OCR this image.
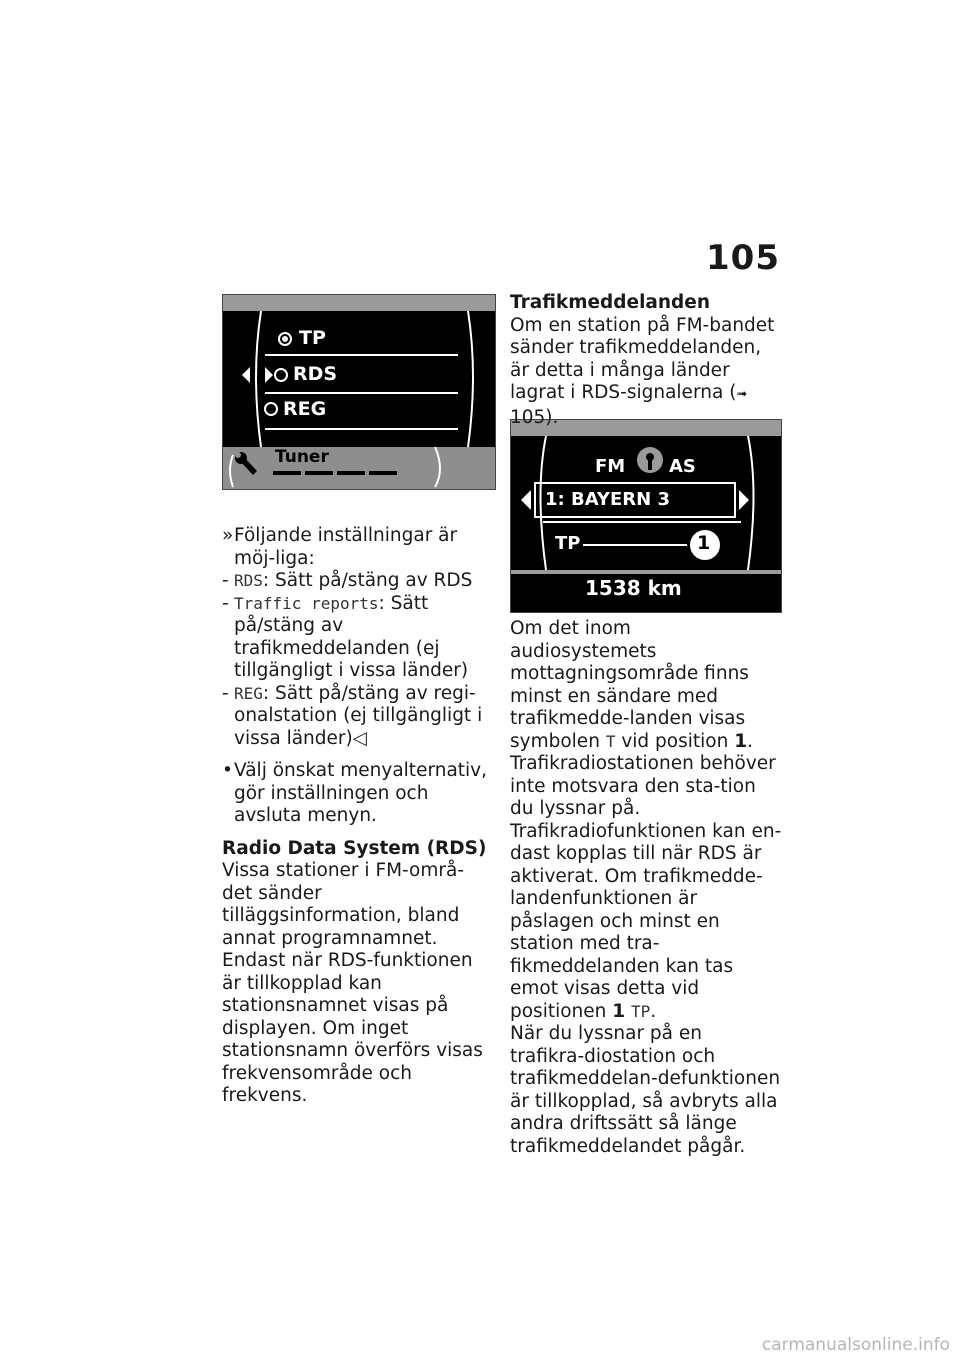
105
TP
RDS
REG
Tuner	FM AS
1: BAYERN 3
TP	1
1538 km
» Följande inställningar är möj-liga:
- RDS: Sätt på/stäng av RDS
- Traffic reports: Sätt på/stäng av trafikmeddelanden (ej tillgängligt i vissa länder)
- REG: Sätt på/stäng av regi-onalstation (ej tillgängligt i vissa länder)◁
• Välj önskat menyalternativ, gör inställningen och avsluta menyn.

Radio Data System (RDS)

Vissa stationer i FM-områ-det sänder tilläggsinformation, bland annat programnamnet. Endast när RDS-funktionen är tillkopplad kan stationsnamnet visas på displayen. Om inget stationsnamn överförs visas frekvensområde och frekvens.

Trafikmeddelanden

Om en station på FM-bandet sänder trafikmeddelanden, är detta i många länder lagrat i RDS-signalerna (➟ 105).

Om det inom audiosystemets mottagningsområde finns minst en sändare med trafikmedde-landen visas symbolen T vid position 1. Trafikradiostationen behöver inte motsvara den sta-tion du lyssnar på. Trafikradiofunktionen kan en-dast kopplas till när RDS är aktiverat. Om trafikmedde-landenfunktionen är påslagen och minst en station med tra-fikmeddelanden kan tas emot visas detta vid positionen 1 TP.

När du lyssnar på en trafikra-diostation och trafikmeddelan-defunktionen är tillkopplad, så avbryts alla andra driftssätt så länge trafikmeddelandet pågår.

carmanualsonline.info
